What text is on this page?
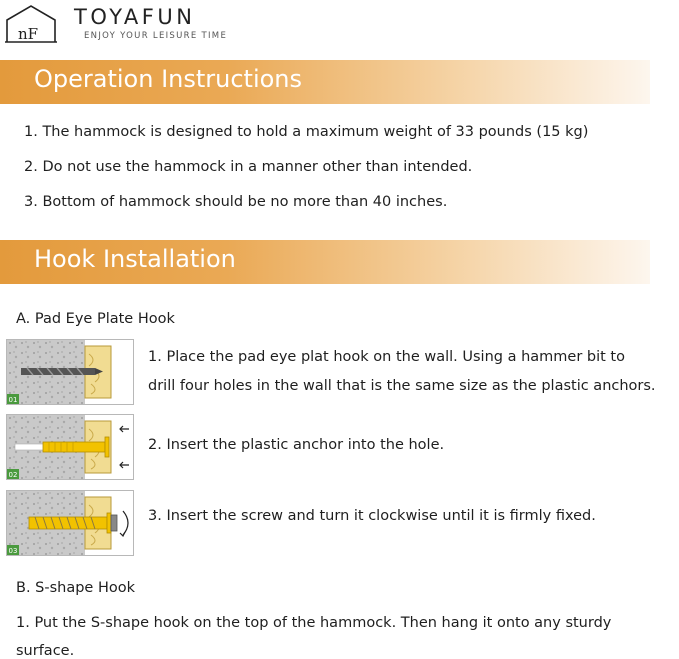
nF
TOYAFUN
ENJOY YOUR LEISURE TIME
Operation Instructions
1. The hammock is designed to hold a maximum weight of 33 pounds (15 kg)
2. Do not use the hammock in a manner other than intended.
3. Bottom of hammock should be no more than 40 inches.
Hook Installation
A. Pad Eye Plate Hook
01
1. Place the pad eye plat hook on the wall. Using a hammer bit to
drill four holes in the wall that is the same size as the plastic anchors.
02
2. Insert the plastic anchor into the hole.
03
3. Insert the screw and turn it clockwise until it is firmly fixed.
B. S-shape Hook
1. Put the S-shape hook on the top of the hammock. Then hang it onto any sturdy
surface.
